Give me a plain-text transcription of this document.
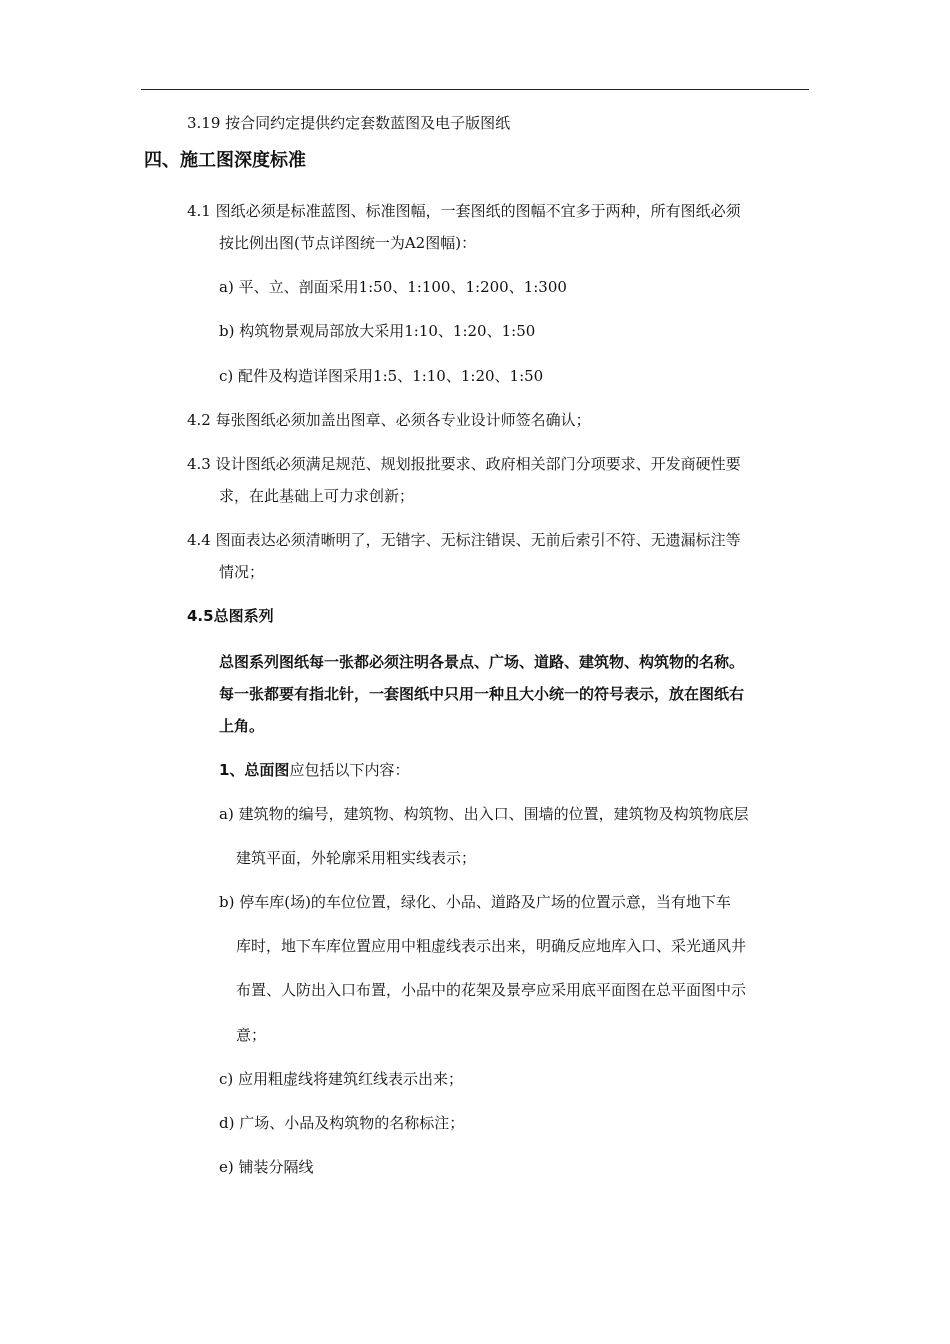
3.19 按合同约定提供约定套数蓝图及电子版图纸
四、施工图深度标准
4.1 图纸必须是标准蓝图、标准图幅，一套图纸的图幅不宜多于两种，所有图纸必须
按比例出图(节点详图统一为A2图幅)：
a) 平、立、剖面采用1:50、1:100、1:200、1:300
b) 构筑物景观局部放大采用1:10、1:20、1:50
c) 配件及构造详图采用1:5、1:10、1:20、1:50
4.2 每张图纸必须加盖出图章、必须各专业设计师签名确认；
4.3 设计图纸必须满足规范、规划报批要求、政府相关部门分项要求、开发商硬性要
求，在此基础上可力求创新；
4.4 图面表达必须清晰明了，无错字、无标注错误、无前后索引不符、无遗漏标注等
情况；
4.5总图系列
总图系列图纸每一张都必须注明各景点、广场、道路、建筑物、构筑物的名称。
每一张都要有指北针，一套图纸中只用一种且大小统一的符号表示，放在图纸右
上角。
1、总面图应包括以下内容：
a) 建筑物的编号，建筑物、构筑物、出入口、围墙的位置，建筑物及构筑物底层
建筑平面，外轮廓采用粗实线表示；
b) 停车库(场)的车位位置，绿化、小品、道路及广场的位置示意，当有地下车
库时，地下车库位置应用中粗虚线表示出来，明确反应地库入口、采光通风井
布置、人防出入口布置，小品中的花架及景亭应采用底平面图在总平面图中示
意；
c) 应用粗虚线将建筑红线表示出来；
d) 广场、小品及构筑物的名称标注；
e) 铺装分隔线
